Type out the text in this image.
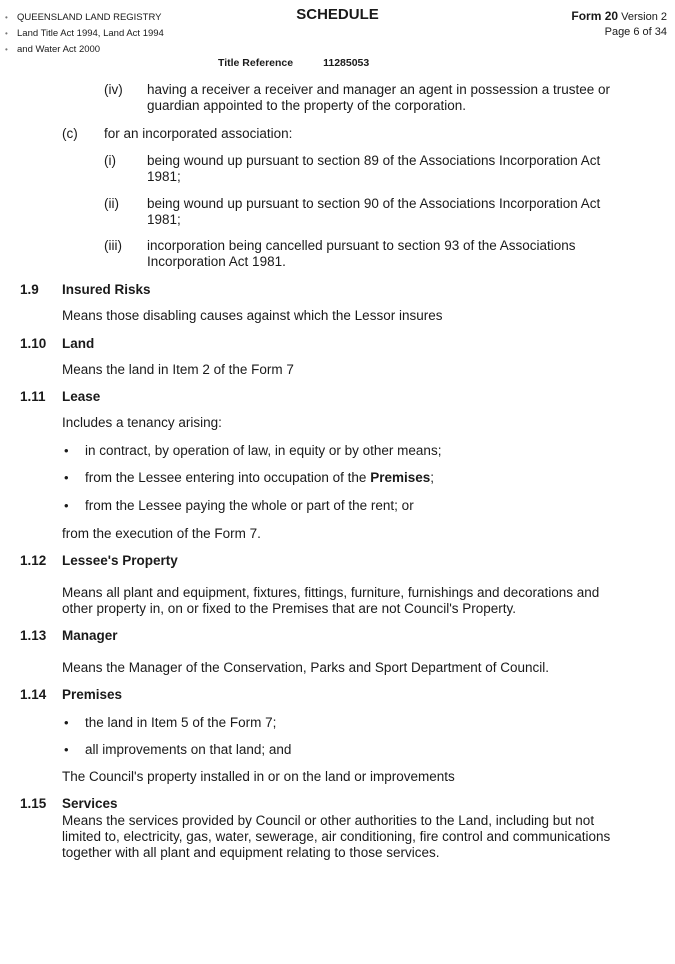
• QUEENSLAND LAND REGISTRY
• Land Title Act 1994, Land Act 1994
• and Water Act 2000
SCHEDULE	Form 20 Version 2
Page 6 of 34
Title Reference	11285053
(iv) having a receiver a receiver and manager an agent in possession a trustee or
guardian appointed to the property of the corporation.
(c) for an incorporated association:
(i) being wound up pursuant to section 89 of the Associations Incorporation Act
1981;
(ii) being wound up pursuant to section 90 of the Associations Incorporation Act
1981;
(iii) incorporation being cancelled pursuant to section 93 of the Associations
Incorporation Act 1981.
1.9 Insured Risks
Means those disabling causes against which the Lessor insures
1.10 Land
Means the land in Item 2 of the Form 7
1.11 Lease
Includes a tenancy arising:
• in contract, by operation of law, in equity or by other means;
• from the Lessee entering into occupation of the Premises;
• from the Lessee paying the whole or part of the rent; or
from the execution of the Form 7.
1.12 Lessee's Property
Means all plant and equipment, fixtures, fittings, furniture, furnishings and decorations and
other property in, on or fixed to the Premises that are not Council's Property.
1.13 Manager
Means the Manager of the Conservation, Parks and Sport Department of Council.
1.14 Premises
• the land in Item 5 of the Form 7;
• all improvements on that land; and
The Council's property installed in or on the land or improvements
1.15 Services
Means the services provided by Council or other authorities to the Land, including but not
limited to, electricity, gas, water, sewerage, air conditioning, fire control and communications
together with all plant and equipment relating to those services.
